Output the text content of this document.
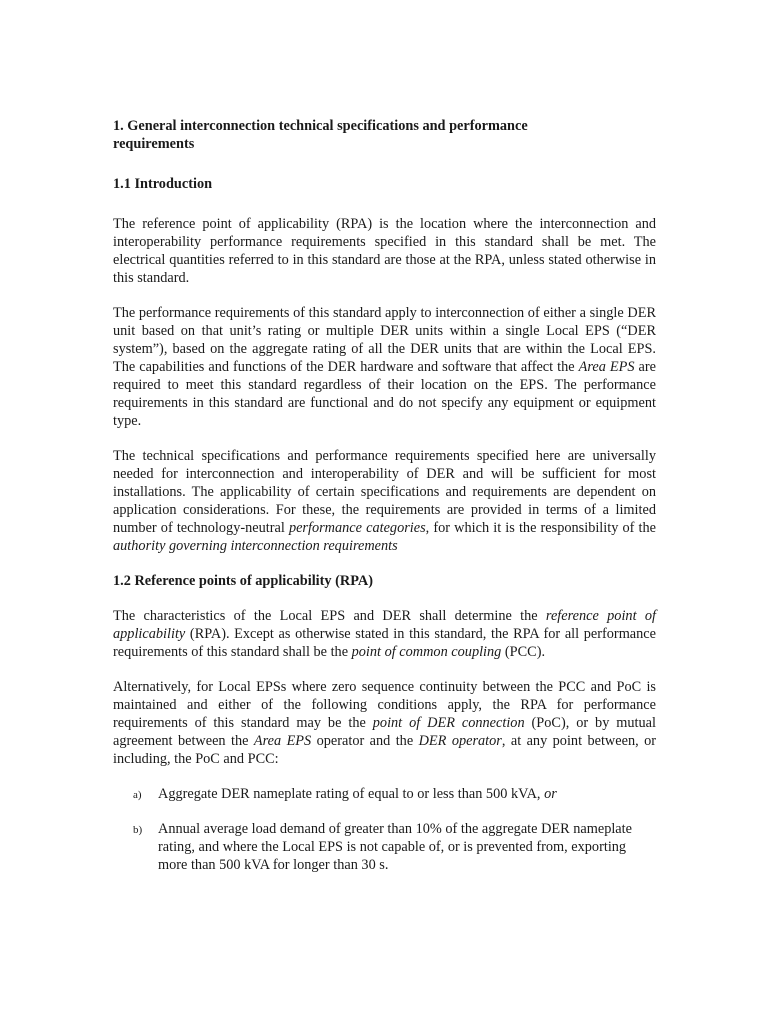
1. General interconnection technical specifications and performance requirements
1.1 Introduction

The reference point of applicability (RPA) is the location where the interconnection and interoperability performance requirements specified in this standard shall be met. The electrical quantities referred to in this standard are those at the RPA, unless stated otherwise in this standard.

The performance requirements of this standard apply to interconnection of either a single DER unit based on that unit’s rating or multiple DER units within a single Local EPS (“DER system”), based on the aggregate rating of all the DER units that are within the Local EPS. The capabilities and functions of the DER hardware and software that affect the Area EPS are required to meet this standard regardless of their location on the EPS. The performance requirements in this standard are functional and do not specify any equipment or equipment type.

The technical specifications and performance requirements specified here are universally needed for interconnection and interoperability of DER and will be sufficient for most installations. The applicability of certain specifications and requirements are dependent on application considerations. For these, the requirements are provided in terms of a limited number of technology-neutral performance categories, for which it is the responsibility of the authority governing interconnection requirements

1.2 Reference points of applicability (RPA)

The characteristics of the Local EPS and DER shall determine the reference point of applicability (RPA). Except as otherwise stated in this standard, the RPA for all performance requirements of this standard shall be the point of common coupling (PCC).

Alternatively, for Local EPSs where zero sequence continuity between the PCC and PoC is maintained and either of the following conditions apply, the RPA for performance requirements of this standard may be the point of DER connection (PoC), or by mutual agreement between the Area EPS operator and the DER operator, at any point between, or including, the PoC and PCC:

a) Aggregate DER nameplate rating of equal to or less than 500 kVA, or
b) Annual average load demand of greater than 10% of the aggregate DER nameplate rating, and where the Local EPS is not capable of, or is prevented from, exporting more than 500 kVA for longer than 30 s.
